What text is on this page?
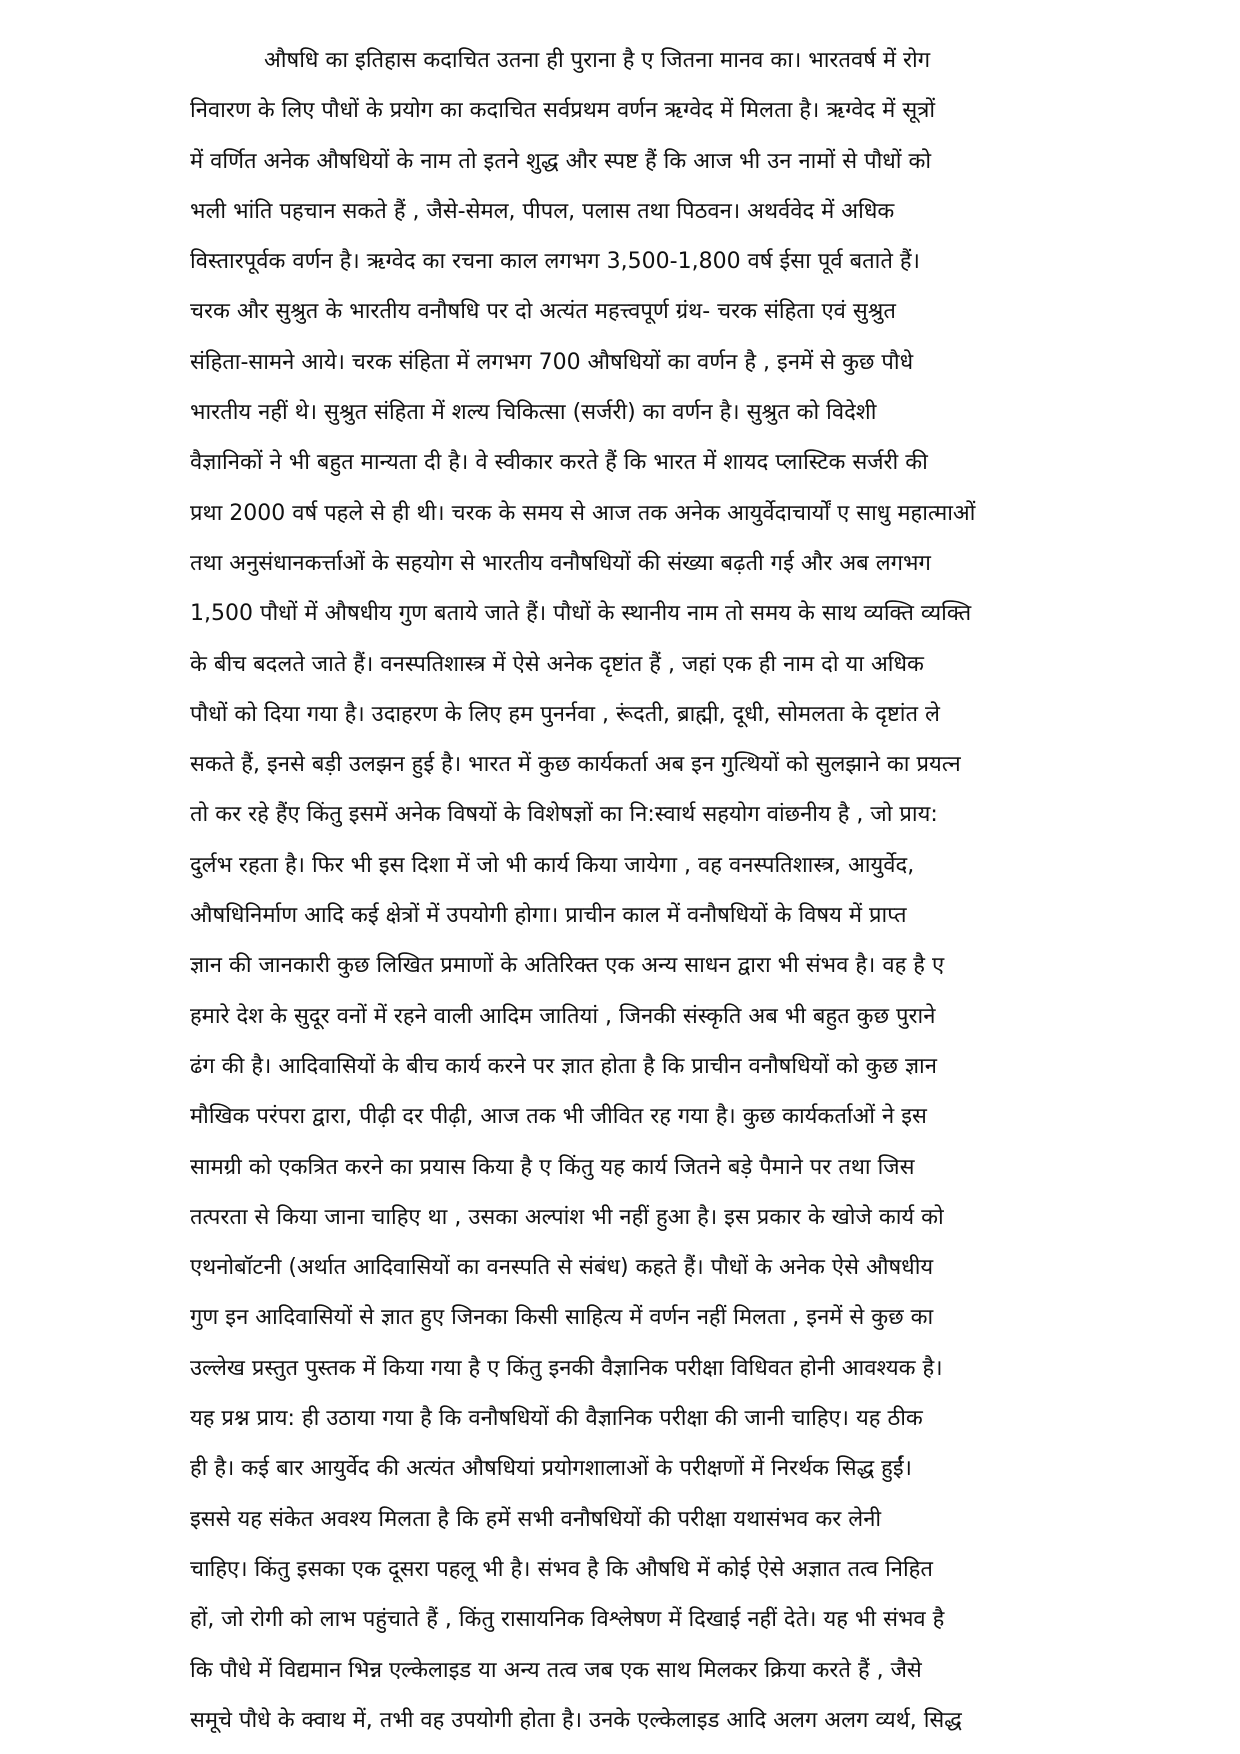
औषधि का इतिहास कदाचित उतना ही पुराना है ए जितना मानव का। भारतवर्ष में रोग
निवारण के लिए पौधों के प्रयोग का कदाचित सर्वप्रथम वर्णन ऋग्वेद में मिलता है। ऋग्वेद में सूत्रों
में वर्णित अनेक औषधियों के नाम तो इतने शुद्ध और स्पष्ट हैं कि आज भी उन नामों से पौधों को
भली भांति पहचान सकते हैं , जैसे-सेमल, पीपल, पलास तथा पिठवन। अथर्ववेद में अधिक
विस्तारपूर्वक वर्णन है। ऋग्वेद का रचना काल लगभग 3,500-1,800 वर्ष ईसा पूर्व बताते हैं।
चरक और सुश्रुत के भारतीय वनौषधि पर दो अत्यंत महत्त्वपूर्ण ग्रंथ- चरक संहिता एवं सुश्रुत
संहिता-सामने आये। चरक संहिता में लगभग 700 औषधियों का वर्णन है , इनमें से कुछ पौधे
भारतीय नहीं थे। सुश्रुत संहिता में शल्य चिकित्सा (सर्जरी) का वर्णन है। सुश्रुत को विदेशी
वैज्ञानिकों ने भी बहुत मान्यता दी है। वे स्वीकार करते हैं कि भारत में शायद प्लास्टिक सर्जरी की
प्रथा 2000 वर्ष पहले से ही थी। चरक के समय से आज तक अनेक आयुर्वेदाचार्यों ए साधु महात्माओं
तथा अनुसंधानकर्त्ताओं के सहयोग से भारतीय वनौषधियों की संख्या बढ़ती गई और अब लगभग
1,500 पौधों में औषधीय गुण बताये जाते हैं। पौधों के स्थानीय नाम तो समय के साथ व्यक्ति व्यक्ति
के बीच बदलते जाते हैं। वनस्पतिशास्त्र में ऐसे अनेक दृष्टांत हैं , जहां एक ही नाम दो या अधिक
पौधों को दिया गया है। उदाहरण के लिए हम पुनर्नवा , रूंदती, ब्राह्मी, दूधी, सोमलता के दृष्टांत ले
सकते हैं, इनसे बड़ी उलझन हुई है। भारत में कुछ कार्यकर्ता अब इन गुत्थियों को सुलझाने का प्रयत्न
तो कर रहे हैंए किंतु इसमें अनेक विषयों के विशेषज्ञों का नि:स्वार्थ सहयोग वांछनीय है , जो प्राय:
दुर्लभ रहता है। फिर भी इस दिशा में जो भी कार्य किया जायेगा , वह वनस्पतिशास्त्र, आयुर्वेद,
औषधिनिर्माण आदि कई क्षेत्रों में उपयोगी होगा। प्राचीन काल में वनौषधियों के विषय में प्राप्त
ज्ञान की जानकारी कुछ लिखित प्रमाणों के अतिरिक्त एक अन्य साधन द्वारा भी संभव है। वह है ए
हमारे देश के सुदूर वनों में रहने वाली आदिम जातियां , जिनकी संस्कृति अब भी बहुत कुछ पुराने
ढंग की है। आदिवासियों के बीच कार्य करने पर ज्ञात होता है कि प्राचीन वनौषधियों को कुछ ज्ञान
मौखिक परंपरा द्वारा, पीढ़ी दर पीढ़ी, आज तक भी जीवित रह गया है। कुछ कार्यकर्ताओं ने इस
सामग्री को एकत्रित करने का प्रयास किया है ए किंतु यह कार्य जितने बड़े पैमाने पर तथा जिस
तत्परता से किया जाना चाहिए था , उसका अल्पांश भी नहीं हुआ है। इस प्रकार के खोजे कार्य को
एथनोबॉटनी (अर्थात आदिवासियों का वनस्पति से संबंध) कहते हैं। पौधों के अनेक ऐसे औषधीय
गुण इन आदिवासियों से ज्ञात हुए जिनका किसी साहित्य में वर्णन नहीं मिलता , इनमें से कुछ का
उल्लेख प्रस्तुत पुस्तक में किया गया है ए किंतु इनकी वैज्ञानिक परीक्षा विधिवत होनी आवश्यक है।
यह प्रश्न प्राय: ही उठाया गया है कि वनौषधियों की वैज्ञानिक परीक्षा की जानी चाहिए। यह ठीक
ही है। कई बार आयुर्वेद की अत्यंत औषधियां प्रयोगशालाओं के परीक्षणों में निरर्थक सिद्ध हुईं।
इससे यह संकेत अवश्य मिलता है कि हमें सभी वनौषधियों की परीक्षा यथासंभव कर लेनी
चाहिए। किंतु इसका एक दूसरा पहलू भी है। संभव है कि औषधि में कोई ऐसे अज्ञात तत्व निहित
हों, जो रोगी को लाभ पहुंचाते हैं , किंतु रासायनिक विश्लेषण में दिखाई नहीं देते। यह भी संभव है
कि पौधे में विद्यमान भिन्न एल्केलाइड या अन्य तत्व जब एक साथ मिलकर क्रिया करते हैं , जैसे
समूचे पौधे के क्वाथ में, तभी वह उपयोगी होता है। उनके एल्केलाइड आदि अलग अलग व्यर्थ, सिद्ध
